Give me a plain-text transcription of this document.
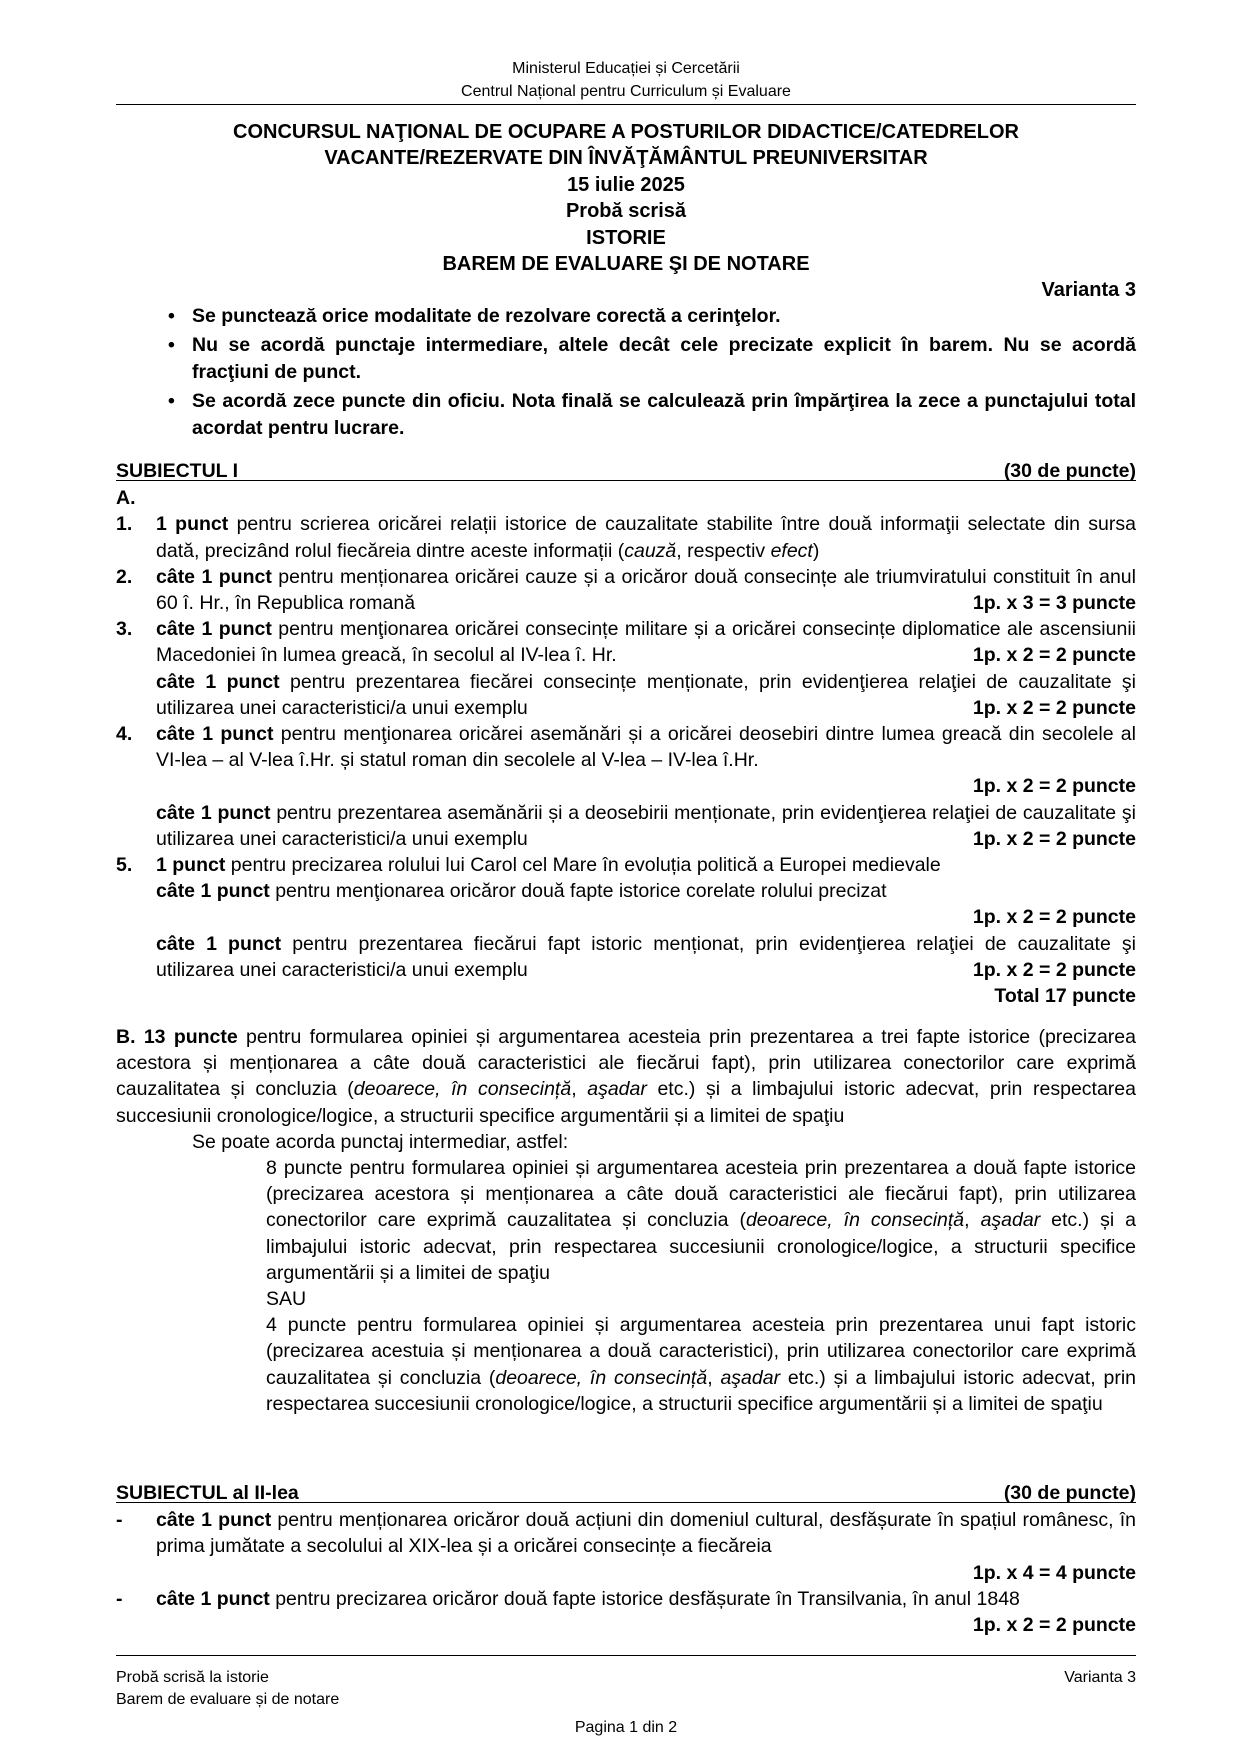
Ministerul Educației și Cercetării
Centrul Național pentru Curriculum și Evaluare
CONCURSUL NAŢIONAL DE OCUPARE A POSTURILOR DIDACTICE/CATEDRELOR
VACANTE/REZERVATE DIN ÎNVĂŢĂMÂNTUL PREUNIVERSITAR
15 iulie 2025
Probă scrisă
ISTORIE
BAREM DE EVALUARE ŞI DE NOTARE
Varianta 3
• Se punctează orice modalitate de rezolvare corectă a cerinţelor.
• Nu se acordă punctaje intermediare, altele decât cele precizate explicit în barem. Nu se acordă fracţiuni de punct.
• Se acordă zece puncte din oficiu. Nota finală se calculează prin împărţirea la zece a punctajului total acordat pentru lucrare.
SUBIECTUL I	(30 de puncte)
A.
1. 1 punct pentru scrierea oricărei relații istorice de cauzalitate stabilite între două informaţii selectate din sursa dată, precizând rolul fiecăreia dintre aceste informații (cauză, respectiv efect)
2. câte 1 punct pentru menționarea oricărei cauze și a oricăror două consecințe ale triumviratului constituit în anul 60 î. Hr., în Republica romană	1p. x 3 = 3 puncte
3. câte 1 punct pentru menţionarea oricărei consecințe militare și a oricărei consecințe diplomatice ale ascensiunii Macedoniei în lumea greacă, în secolul al IV-lea î. Hr.	1p. x 2 = 2 puncte
câte 1 punct pentru prezentarea fiecărei consecințe menționate, prin evidenţierea relaţiei de cauzalitate şi utilizarea unei caracteristici/a unui exemplu	1p. x 2 = 2 puncte
4. câte 1 punct pentru menţionarea oricărei asemănări și a oricărei deosebiri dintre lumea greacă din secolele al VI-lea – al V-lea î.Hr. și statul roman din secolele al V-lea – IV-lea î.Hr.
1p. x 2 = 2 puncte
câte 1 punct pentru prezentarea asemănării și a deosebirii menționate, prin evidenţierea relaţiei de cauzalitate şi utilizarea unei caracteristici/a unui exemplu	1p. x 2 = 2 puncte
5. 1 punct pentru precizarea rolului lui Carol cel Mare în evoluția politică a Europei medievale
câte 1 punct pentru menţionarea oricăror două fapte istorice corelate rolului precizat
1p. x 2 = 2 puncte
câte 1 punct pentru prezentarea fiecărui fapt istoric menționat, prin evidenţierea relaţiei de cauzalitate şi utilizarea unei caracteristici/a unui exemplu	1p. x 2 = 2 puncte
Total 17 puncte
B. 13 puncte pentru formularea opiniei și argumentarea acesteia prin prezentarea a trei fapte istorice (precizarea acestora și menționarea a câte două caracteristici ale fiecărui fapt), prin utilizarea conectorilor care exprimă cauzalitatea și concluzia (deoarece, în consecință, aşadar etc.) și a limbajului istoric adecvat, prin respectarea succesiunii cronologice/logice, a structurii specifice argumentării și a limitei de spaţiu
Se poate acorda punctaj intermediar, astfel:
8 puncte pentru formularea opiniei și argumentarea acesteia prin prezentarea a două fapte istorice (precizarea acestora și menționarea a câte două caracteristici ale fiecărui fapt), prin utilizarea conectorilor care exprimă cauzalitatea și concluzia (deoarece, în consecință, aşadar etc.) și a limbajului istoric adecvat, prin respectarea succesiunii cronologice/logice, a structurii specifice argumentării și a limitei de spaţiu
SAU
4 puncte pentru formularea opiniei și argumentarea acesteia prin prezentarea unui fapt istoric (precizarea acestuia și menționarea a două caracteristici), prin utilizarea conectorilor care exprimă cauzalitatea și concluzia (deoarece, în consecință, aşadar etc.) și a limbajului istoric adecvat, prin respectarea succesiunii cronologice/logice, a structurii specifice argumentării și a limitei de spaţiu
SUBIECTUL al II-lea	(30 de puncte)
- câte 1 punct pentru menționarea oricăror două acțiuni din domeniul cultural, desfășurate în spațiul românesc, în prima jumătate a secolului al XIX-lea și a oricărei consecințe a fiecăreia
1p. x 4 = 4 puncte
- câte 1 punct pentru precizarea oricăror două fapte istorice desfășurate în Transilvania, în anul 1848
1p. x 2 = 2 puncte
Probă scrisă la istorie	Varianta 3
Barem de evaluare și de notare
Pagina 1 din 2
